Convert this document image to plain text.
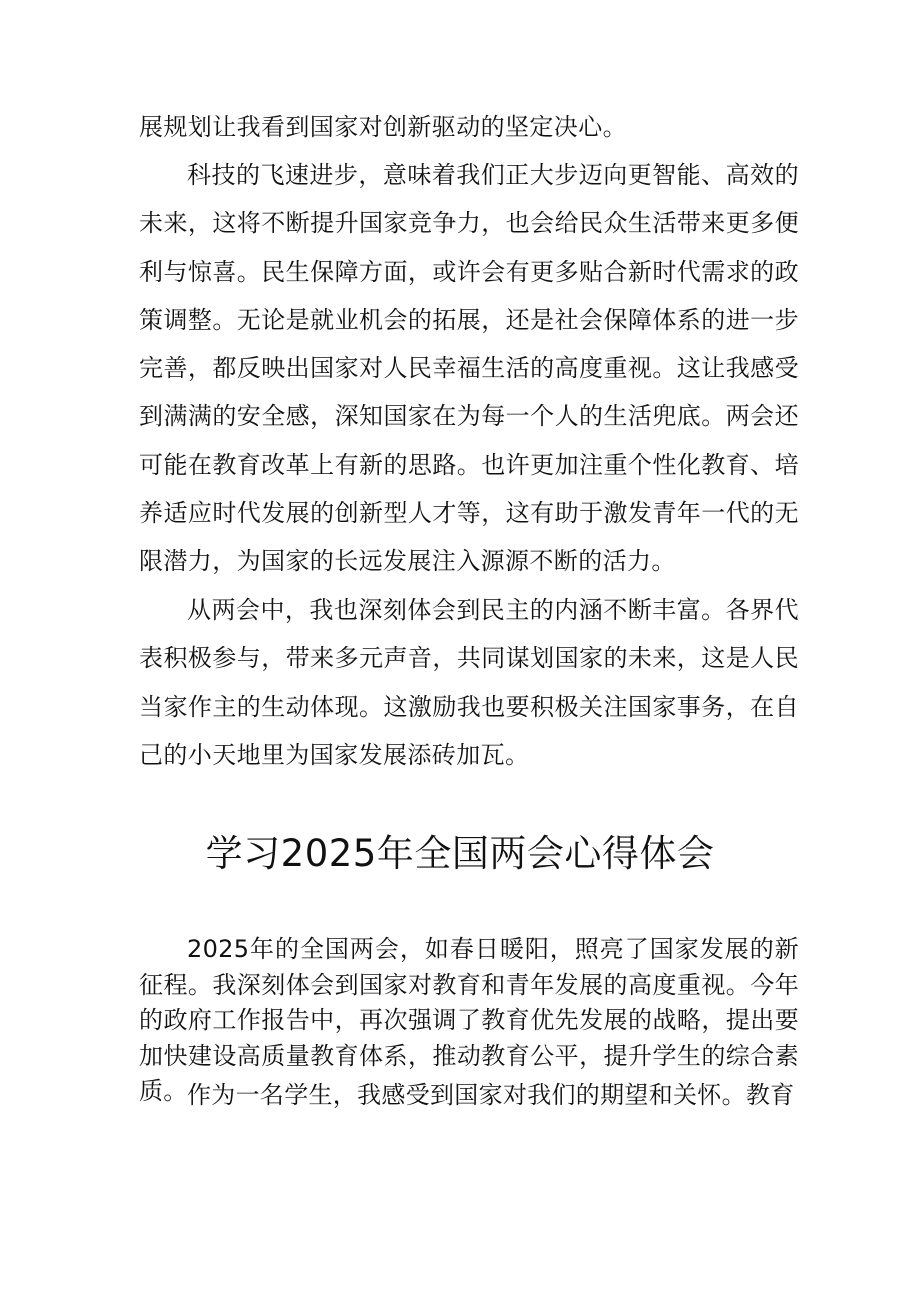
展规划让我看到国家对创新驱动的坚定决心。

科技的飞速进步，意味着我们正大步迈向更智能、高效的未来，这将不断提升国家竞争力，也会给民众生活带来更多便利与惊喜。民生保障方面，或许会有更多贴合新时代需求的政策调整。无论是就业机会的拓展，还是社会保障体系的进一步完善，都反映出国家对人民幸福生活的高度重视。这让我感受到满满的安全感，深知国家在为每一个人的生活兜底。两会还可能在教育改革上有新的思路。也许更加注重个性化教育、培养适应时代发展的创新型人才等，这有助于激发青年一代的无限潜力，为国家的长远发展注入源源不断的活力。

从两会中，我也深刻体会到民主的内涵不断丰富。各界代表积极参与，带来多元声音，共同谋划国家的未来，这是人民当家作主的生动体现。这激励我也要积极关注国家事务，在自己的小天地里为国家发展添砖加瓦。

学习2025年全国两会心得体会

2025年的全国两会，如春日暖阳，照亮了国家发展的新征程。我深刻体会到国家对教育和青年发展的高度重视。今年的政府工作报告中，再次强调了教育优先发展的战略，提出要加快建设高质量教育体系，推动教育公平，提升学生的综合素质。 作为一名学生，我感受到国家对我们的期望和关怀。教育
